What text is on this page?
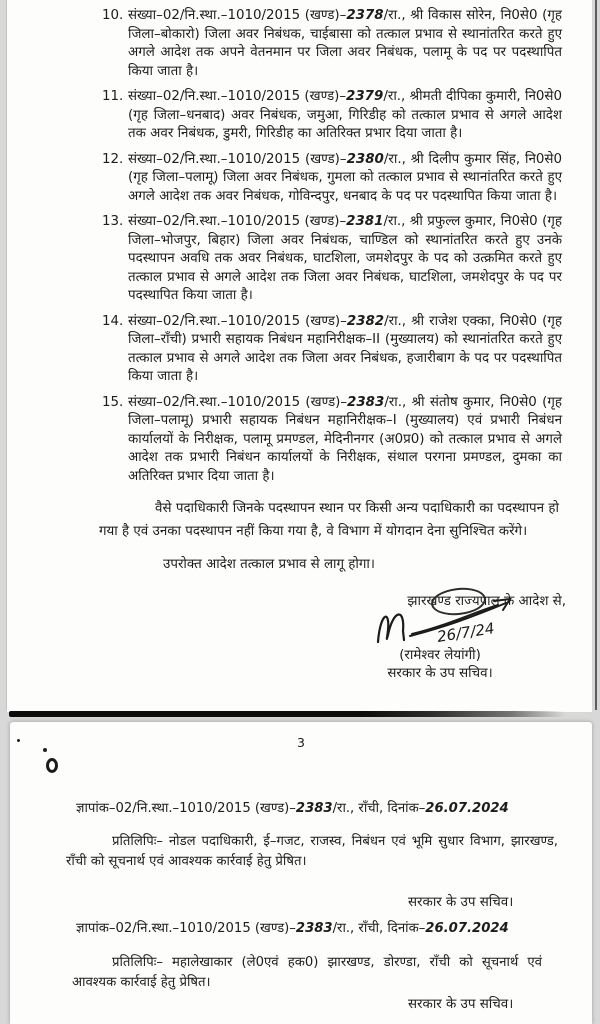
10. संख्या–02/नि.स्था.–1010/2015 (खण्ड)–2378/रा., श्री विकास सोरेन, नि0से0 (गृह जिला–बोकारो) जिला अवर निबंधक, चाईबासा को तत्काल प्रभाव से स्थानांतरित करते हुए अगले आदेश तक अपने वेतनमान पर जिला अवर निबंधक, पलामू के पद पर पदस्थापित किया जाता है।

11. संख्या–02/नि.स्था.–1010/2015 (खण्ड)–2379/रा., श्रीमती दीपिका कुमारी, नि0से0 (गृह जिला–धनबाद) अवर निबंधक, जमुआ, गिरिडीह को तत्काल प्रभाव से अगले आदेश तक अवर निबंधक, डुमरी, गिरिडीह का अतिरिक्त प्रभार दिया जाता है।

12. संख्या–02/नि.स्था.–1010/2015 (खण्ड)–2380/रा., श्री दिलीप कुमार सिंह, नि0से0 (गृह जिला–पलामू) जिला अवर निबंधक, गुमला को तत्काल प्रभाव से स्थानांतरित करते हुए अगले आदेश तक अवर निबंधक, गोविन्दपुर, धनबाद के पद पर पदस्थापित किया जाता है।

13. संख्या–02/नि.स्था.–1010/2015 (खण्ड)–2381/रा., श्री प्रफुल्ल कुमार, नि0से0 (गृह जिला–भोजपुर, बिहार) जिला अवर निबंधक, चाण्डिल को स्थानांतरित करते हुए उनके पदस्थापन अवधि तक अवर निबंधक, घाटशिला, जमशेदपुर के पद को उत्क्रमित करते हुए तत्काल प्रभाव से अगले आदेश तक जिला अवर निबंधक, घाटशिला, जमशेदपुर के पद पर पदस्थापित किया जाता है।

14. संख्या–02/नि.स्था.–1010/2015 (खण्ड)–2382/रा., श्री राजेश एक्का, नि0से0 (गृह जिला–राँची) प्रभारी सहायक निबंधन महानिरीक्षक–II (मुख्यालय) को स्थानांतरित करते हुए तत्काल प्रभाव से अगले आदेश तक जिला अवर निबंधक, हजारीबाग के पद पर पदस्थापित किया जाता है।

15. संख्या–02/नि.स्था.–1010/2015 (खण्ड)–2383/रा., श्री संतोष कुमार, नि0से0 (गृह जिला–पलामू) प्रभारी सहायक निबंधन महानिरीक्षक–I (मुख्यालय) एवं प्रभारी निबंधन कार्यालयों के निरीक्षक, पलामू प्रमण्डल, मेदिनीनगर (अ0प्र0) को तत्काल प्रभाव से अगले आदेश तक प्रभारी निबंधन कार्यालयों के निरीक्षक, संथाल परगना प्रमण्डल, दुमका का अतिरिक्त प्रभार दिया जाता है।

वैसे पदाधिकारी जिनके पदस्थापन स्थान पर किसी अन्य पदाधिकारी का पदस्थापन हो गया है एवं उनका पदस्थापन नहीं किया गया है, वे विभाग में योगदान देना सुनिश्चित करेंगे।

उपरोक्त आदेश तत्काल प्रभाव से लागू होगा।

झारखण्ड राज्यपाल के आदेश से,
26/7/24
(रामेश्वर लेयांगी)
सरकार के उप सचिव।
3
ज्ञापांक–02/नि.स्था.–1010/2015 (खण्ड)–2383/रा., राँची, दिनांक–26.07.2024

प्रतिलिपिः– नोडल पदाधिकारी, ई–गजट, राजस्व, निबंधन एवं भूमि सुधार विभाग, झारखण्ड, राँची को सूचनार्थ एवं आवश्यक कार्रवाई हेतु प्रेषित।

सरकार के उप सचिव।
ज्ञापांक–02/नि.स्था.–1010/2015 (खण्ड)–2383/रा., राँची, दिनांक–26.07.2024

प्रतिलिपिः– महालेखाकार (ले0एवं हक0) झारखण्ड, डोरण्डा, राँची को सूचनार्थ एवं आवश्यक कार्रवाई हेतु प्रेषित।

सरकार के उप सचिव।
